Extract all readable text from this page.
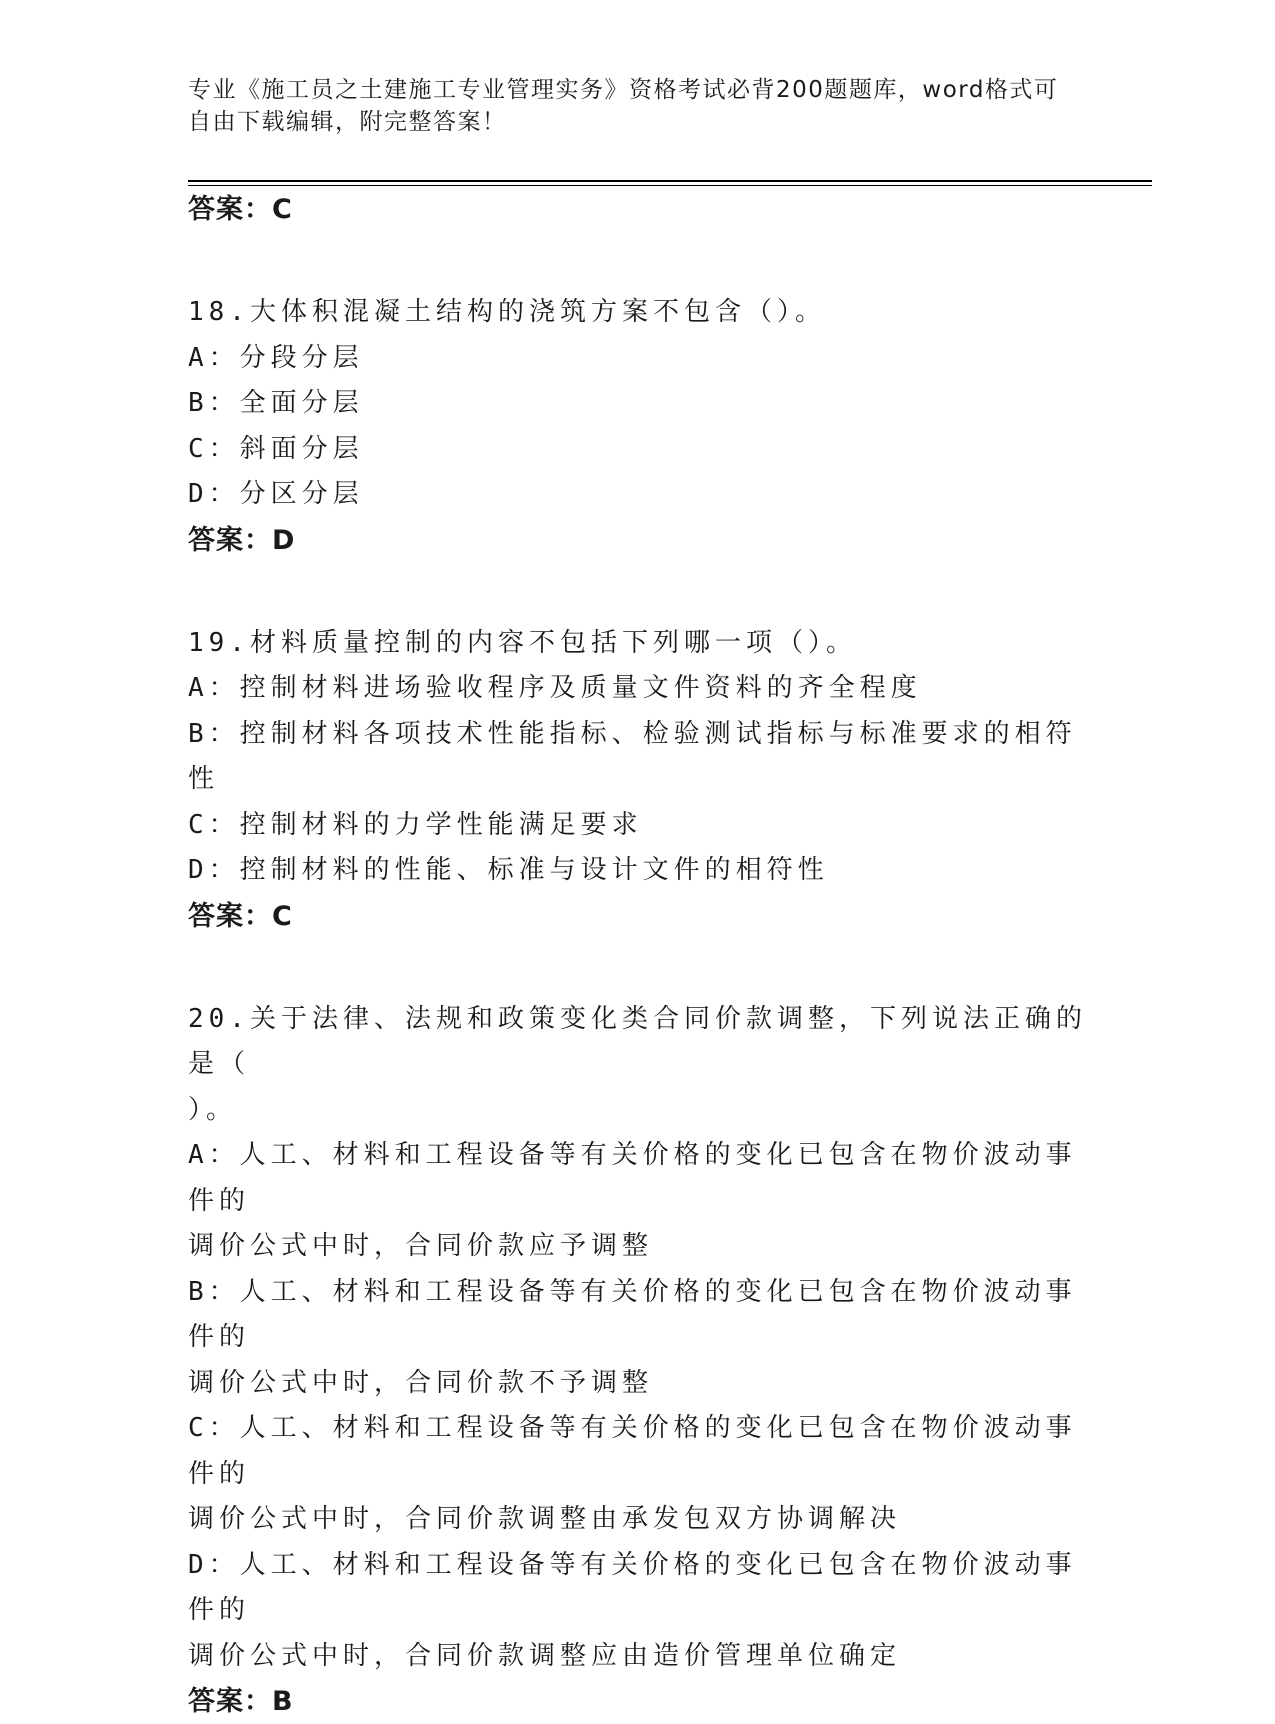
专业《施工员之土建施工专业管理实务》资格考试必背200题题库，word格式可

自由下载编辑，附完整答案！

答案：C

18.大体积混凝土结构的浇筑方案不包含（）。

A：分段分层

B：全面分层

C：斜面分层

D：分区分层

答案：D

19.材料质量控制的内容不包括下列哪一项（）。

A：控制材料进场验收程序及质量文件资料的齐全程度

B：控制材料各项技术性能指标、检验测试指标与标准要求的相符性

C：控制材料的力学性能满足要求

D：控制材料的性能、标准与设计文件的相符性

答案：C

20.关于法律、法规和政策变化类合同价款调整，下列说法正确的是（

）。

A：人工、材料和工程设备等有关价格的变化已包含在物价波动事件的

调价公式中时，合同价款应予调整

B：人工、材料和工程设备等有关价格的变化已包含在物价波动事件的

调价公式中时，合同价款不予调整

C：人工、材料和工程设备等有关价格的变化已包含在物价波动事件的

调价公式中时，合同价款调整由承发包双方协调解决

D：人工、材料和工程设备等有关价格的变化已包含在物价波动事件的

调价公式中时，合同价款调整应由造价管理单位确定

答案：B
